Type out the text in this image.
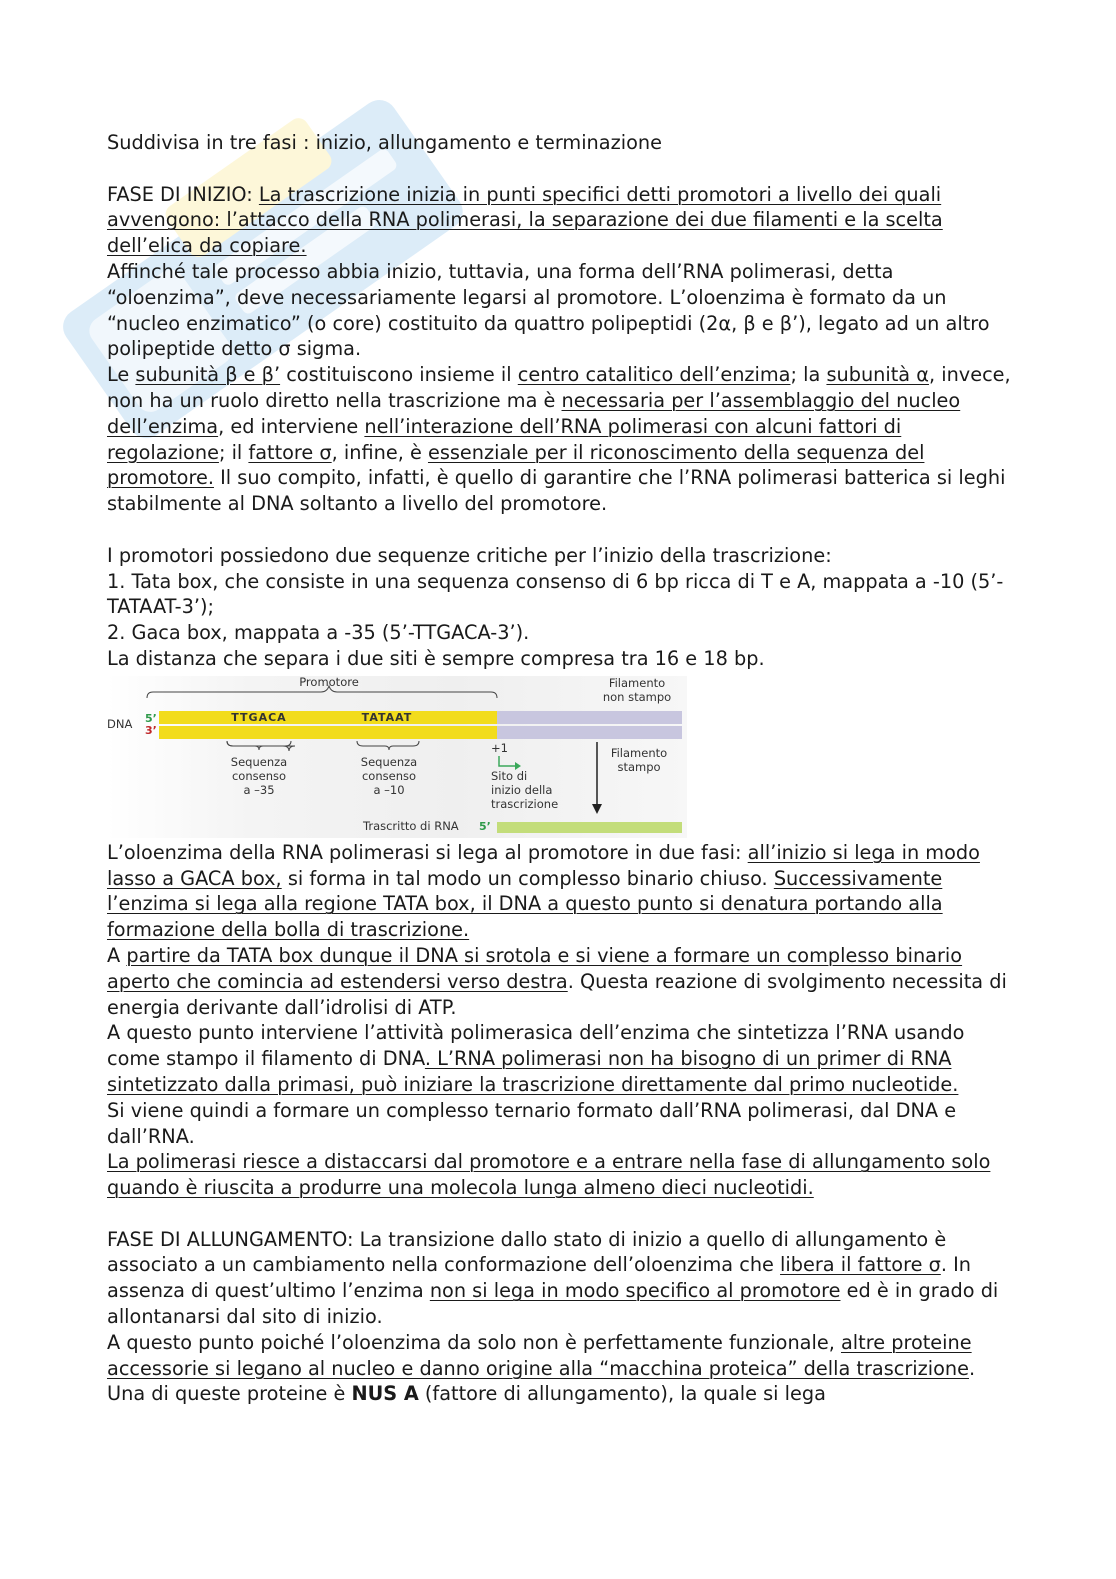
Suddivisa in tre fasi : inizio, allungamento e terminazione

FASE DI INIZIO: La trascrizione inizia in punti specifici detti promotori a livello dei quali avvengono: l’attacco della RNA polimerasi, la separazione dei due filamenti e la scelta dell’elica da copiare.

Affinché tale processo abbia inizio, tuttavia, una forma dell’RNA polimerasi, detta “oloenzima”, deve necessariamente legarsi al promotore. L’oloenzima è formato da un “nucleo enzimatico” (o core) costituito da quattro polipeptidi (2α, β e β’), legato ad un altro polipeptide detto σ sigma.

Le subunità β e β’ costituiscono insieme il centro catalitico dell’enzima; la subunità α, invece, non ha un ruolo diretto nella trascrizione ma è necessaria per l’assemblaggio del nucleo dell’enzima, ed interviene nell’interazione dell’RNA polimerasi con alcuni fattori di regolazione; il fattore σ, infine, è essenziale per il riconoscimento della sequenza del promotore. Il suo compito, infatti, è quello di garantire che l’RNA polimerasi batterica si leghi stabilmente al DNA soltanto a livello del promotore.

I promotori possiedono due sequenze critiche per l’inizio della trascrizione:

1. Tata box, che consiste in una sequenza consenso di 6 bp ricca di T e A, mappata a -10 (5’-TATAAT-3’);

2. Gaca box, mappata a -35 (5’-TTGACA-3’).

La distanza che separa i due siti è sempre compresa tra 16 e 18 bp.

Promotore
DNA 5’
3’
TTGACA	TATAAT
Filamento
non stampo
Sequenza
consenso
a –35
Sequenza
consenso
a –10
+1
Sito di
inizio della
trascrizione
Filamento
stampo
Trascritto di RNA 5’

L’oloenzima della RNA polimerasi si lega al promotore in due fasi: all’inizio si lega in modo lasso a GACA box, si forma in tal modo un complesso binario chiuso. Successivamente l’enzima si lega alla regione TATA box, il DNA a questo punto si denatura portando alla formazione della bolla di trascrizione.

A partire da TATA box dunque il DNA si srotola e si viene a formare un complesso binario aperto che comincia ad estendersi verso destra. Questa reazione di svolgimento necessita di energia derivante dall’idrolisi di ATP.

A questo punto interviene l’attività polimerasica dell’enzima che sintetizza l’RNA usando come stampo il filamento di DNA. L’RNA polimerasi non ha bisogno di un primer di RNA sintetizzato dalla primasi, può iniziare la trascrizione direttamente dal primo nucleotide.

Si viene quindi a formare un complesso ternario formato dall’RNA polimerasi, dal DNA e dall’RNA.

La polimerasi riesce a distaccarsi dal promotore e a entrare nella fase di allungamento solo quando è riuscita a produrre una molecola lunga almeno dieci nucleotidi.

FASE DI ALLUNGAMENTO: La transizione dallo stato di inizio a quello di allungamento è associato a un cambiamento nella conformazione dell’oloenzima che libera il fattore σ. In assenza di quest’ultimo l’enzima non si lega in modo specifico al promotore ed è in grado di allontanarsi dal sito di inizio.

A questo punto poiché l’oloenzima da solo non è perfettamente funzionale, altre proteine accessorie si legano al nucleo e danno origine alla “macchina proteica” della trascrizione. Una di queste proteine è NUS A (fattore di allungamento), la quale si lega
